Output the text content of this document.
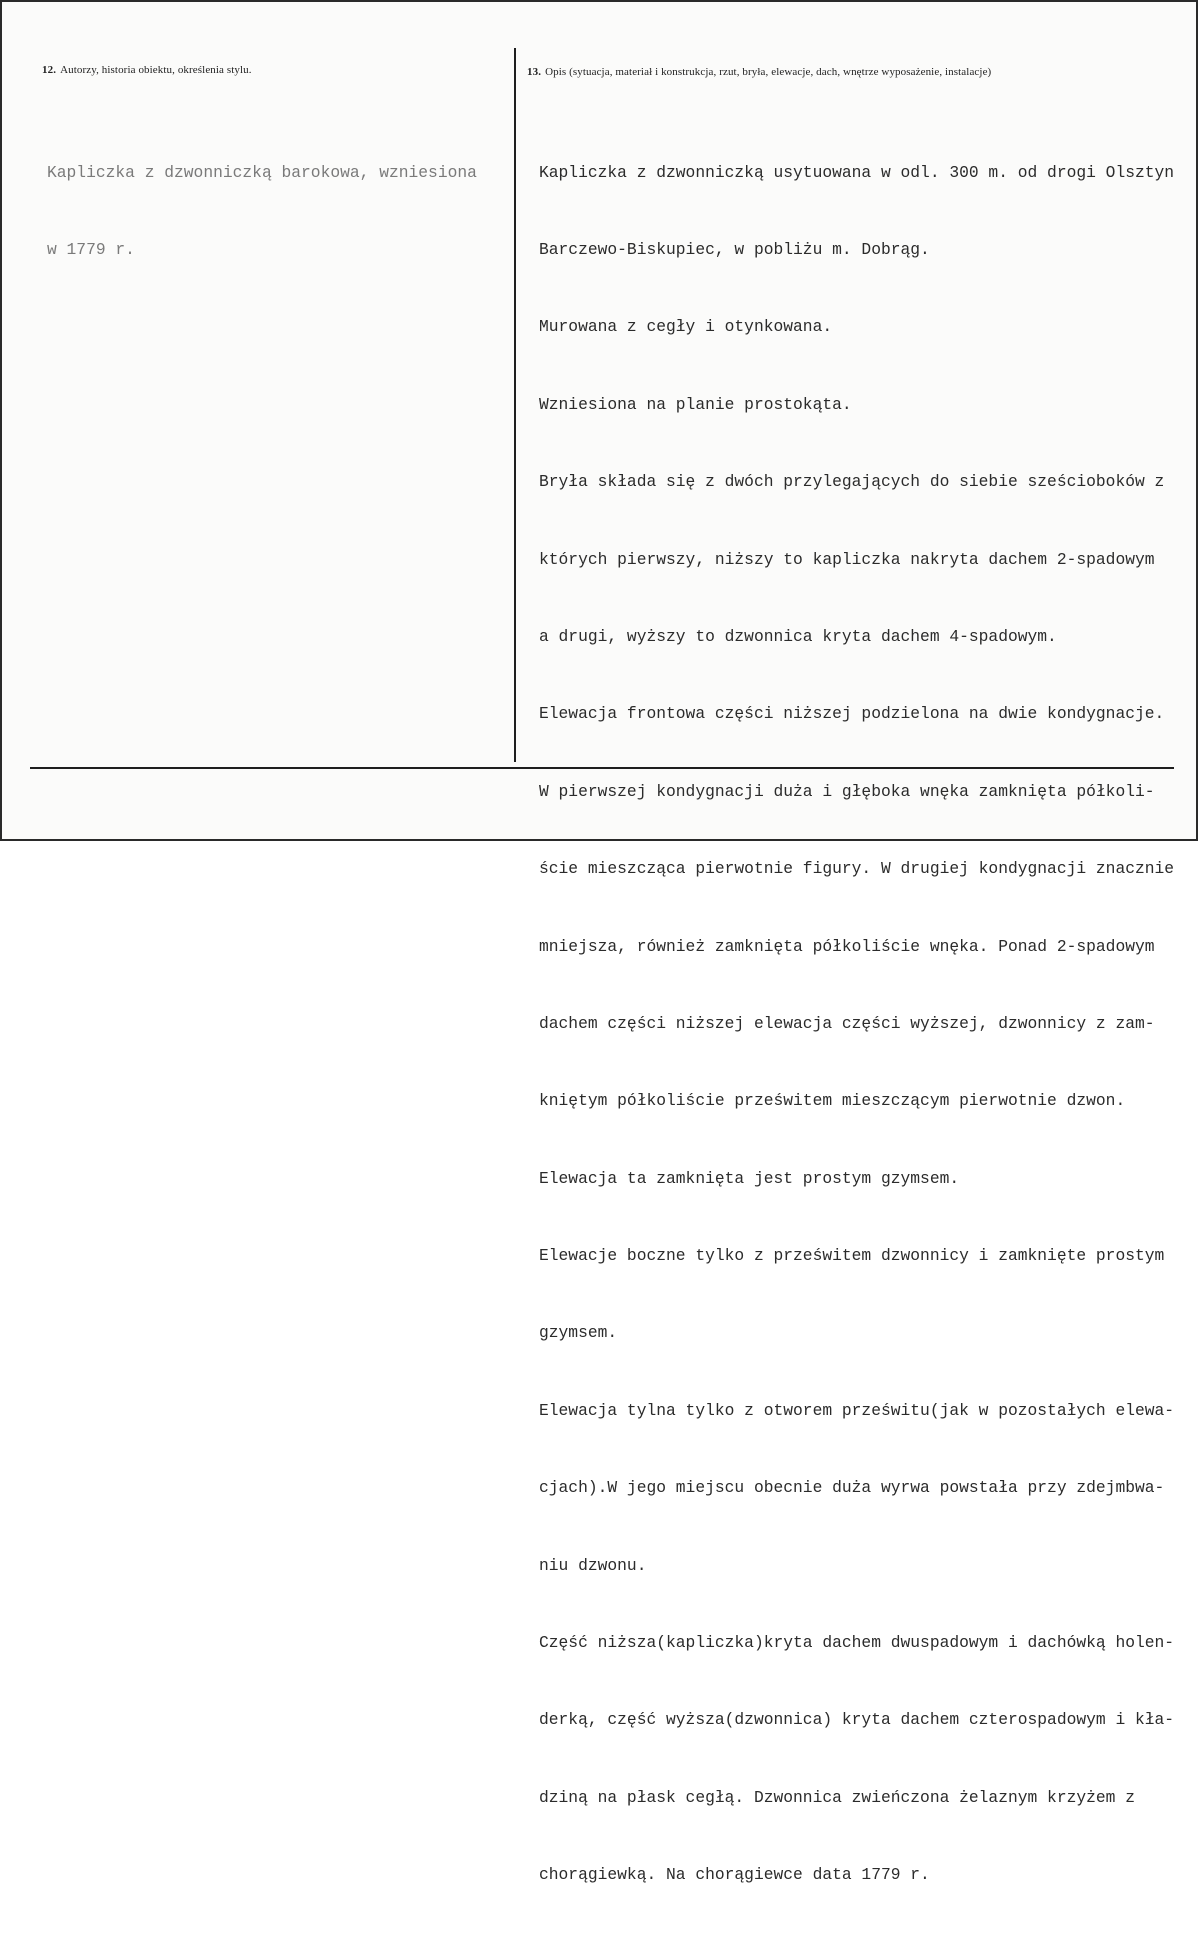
12. Autorzy, historia obiektu, określenia stylu.	13. Opis (sytuacja, materiał i konstrukcja, rzut, bryła, elewacje, dach, wnętrze wyposażenie, instalacje)

Kapliczka z dzwonniczką barokowa, wzniesiona

w 1779 r.

Kapliczka z dzwonniczką usytuowana w odl. 300 m. od drogi Olsztyn

Barczewo-Biskupiec, w pobliżu m. Dobrąg.

Murowana z cegły i otynkowana.

Wzniesiona na planie prostokąta.

Bryła składa się z dwóch przylegających do siebie sześcioboków z

których pierwszy, niższy to kapliczka nakryta dachem 2-spadowym

a drugi, wyższy to dzwonnica kryta dachem 4-spadowym.

Elewacja frontowa części niższej podzielona na dwie kondygnacje.

W pierwszej kondygnacji duża i głęboka wnęka zamknięta półkoli-

ście mieszcząca pierwotnie figury. W drugiej kondygnacji znacznie

mniejsza, również zamknięta półkoliście wnęka. Ponad 2-spadowym

dachem części niższej elewacja części wyższej, dzwonnicy z zam-

kniętym półkoliście prześwitem mieszczącym pierwotnie dzwon.

Elewacja ta zamknięta jest prostym gzymsem.

Elewacje boczne tylko z prześwitem dzwonnicy i zamknięte prostym

gzymsem.

Elewacja tylna tylko z otworem prześwitu(jak w pozostałych elewa-

cjach).W jego miejscu obecnie duża wyrwa powstała przy zdejmbwa-

niu dzwonu.

Część niższa(kapliczka)kryta dachem dwuspadowym i dachówką holen-

derką, część wyższa(dzwonnica) kryta dachem czterospadowym i kła-

dziną na płask cegłą. Dzwonnica zwieńczona żelaznym krzyżem z

chorągiewką. Na chorągiewce data 1779 r.
